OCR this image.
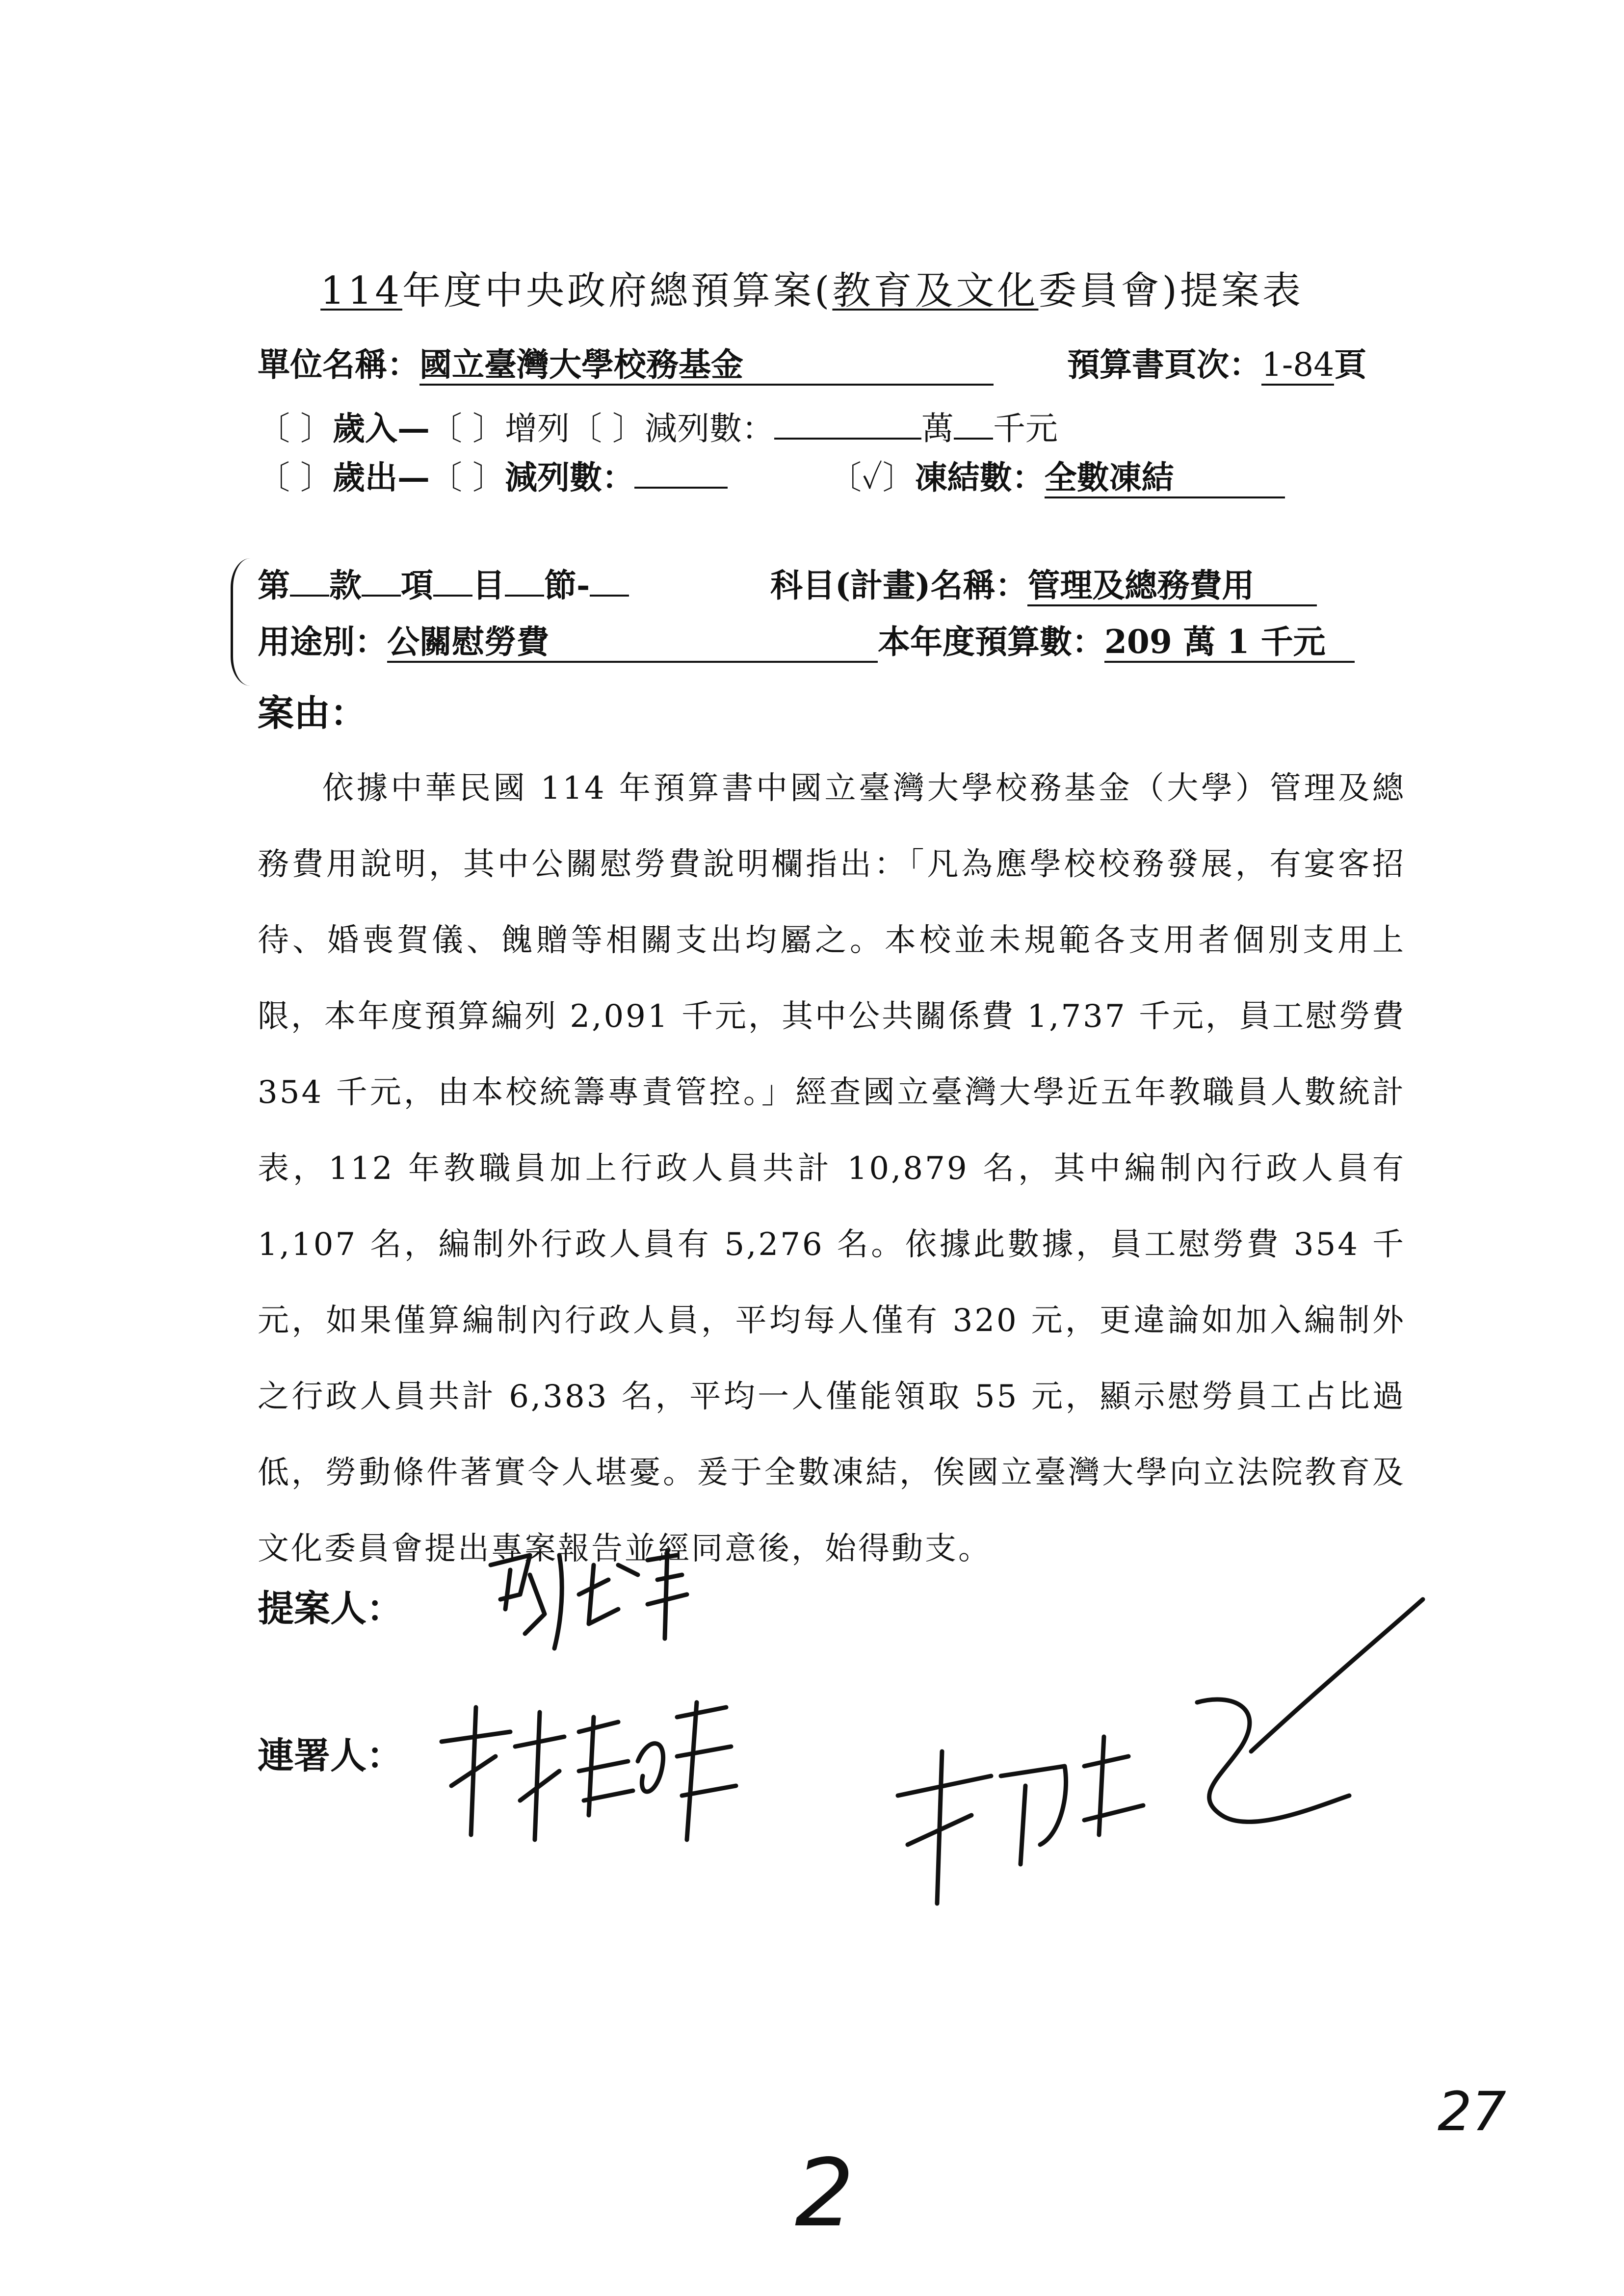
114年度中央政府總預算案(教育及文化委員會)提案表
單位名稱：國立臺灣大學校務基金	預算書頁次：1-84頁
〔 〕歲入—〔 〕增列〔 〕減列數：	萬 千元
〔 〕歲出—〔 〕減列數：	〔✓〕凍結數：全數凍結
第 款 項 目 節-	科目(計畫)名稱：管理及總務費用
用途別：公關慰勞費	本年度預算數：209 萬 1 千元
案由：
依據中華民國 114 年預算書中國立臺灣大學校務基金（大學）管理及總務費用說明，其中公關慰勞費說明欄指出：「凡為應學校校務發展，有宴客招待、婚喪賀儀、餽贈等相關支出均屬之。本校並未規範各支用者個別支用上限，本年度預算編列 2,091 千元，其中公共關係費 1,737 千元，員工慰勞費 354 千元，由本校統籌專責管控。」經查國立臺灣大學近五年教職員人數統計表，112 年教職員加上行政人員共計 10,879 名，其中編制內行政人員有 1,107 名，編制外行政人員有 5,276 名。依據此數據，員工慰勞費 354 千元，如果僅算編制內行政人員，平均每人僅有 320 元，更違論如加入編制外之行政人員共計 6,383 名，平均一人僅能領取 55 元，顯示慰勞員工占比過低，勞動條件著實令人堪憂。爰于全數凍結，俟國立臺灣大學向立法院教育及文化委員會提出專案報告並經同意後，始得動支。
提案人：
連署人：
2
27
